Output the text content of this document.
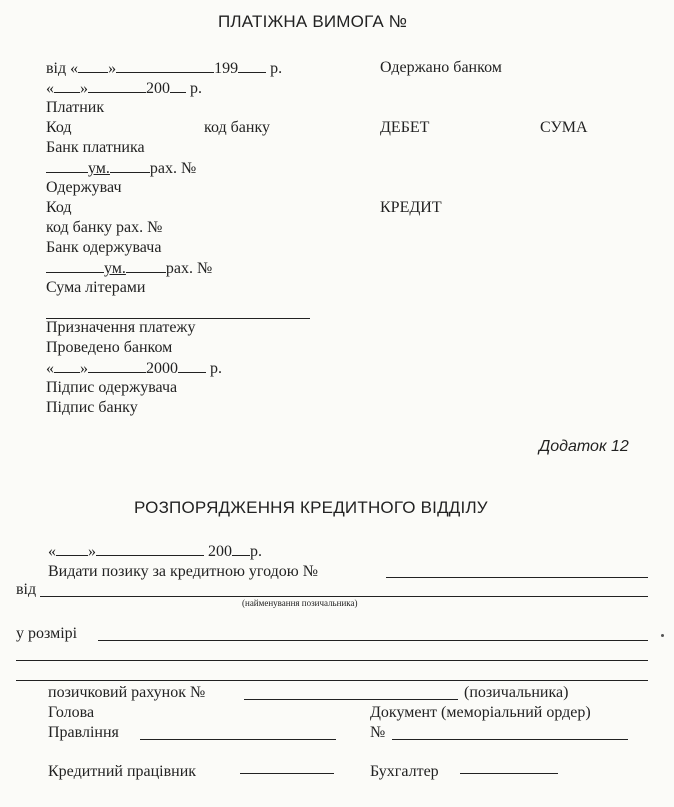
ПЛАТІЖНА ВИМОГА №
від « »	199 р.	Одержано банком
« »	200 р.
Платник
Код	код банку	ДЕБЕТ	СУМА
Банк платника
ум.	рах. №
Одержувач
Код	КРЕДИТ
код банку рах. №
Банк одержувача
ум.	рах. №
Сума літерами
Призначення платежу
Проведено банком
« »	2000 р.
Підпис одержувача
Підпис банку
Додаток 12
РОЗПОРЯДЖЕННЯ КРЕДИТНОГО ВІДДІЛУ
« »	200 р.
Видати позику за кредитною угодою №
від
(найменування позичальника)
у розмірі
позичковий рахунок №	(позичальника)
Голова	Документ (меморіальний ордер)
Правління	№
Кредитний працівник	Бухгалтер
